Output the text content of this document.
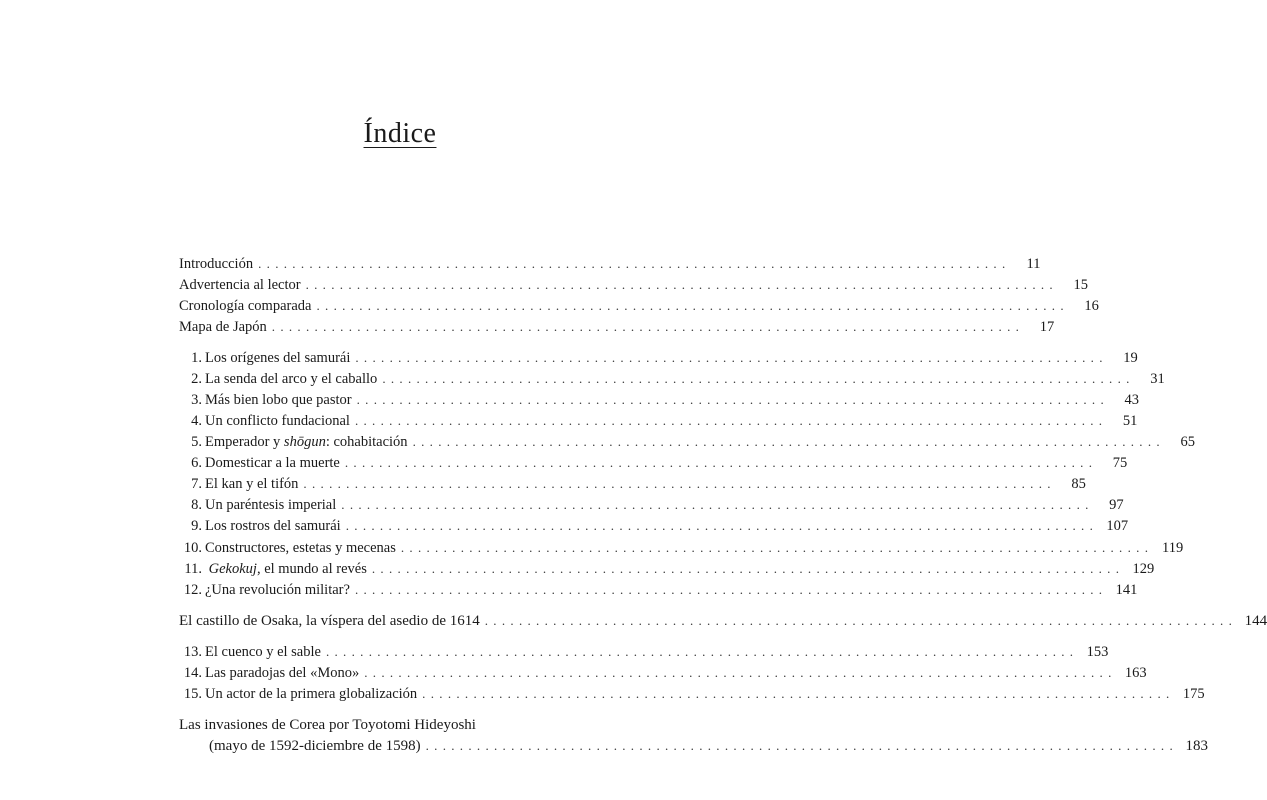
Índice
Introducción ........................................................................................	11
Advertencia al lector ........................................................................................	15
Cronología comparada ........................................................................................	16
Mapa de Japón ........................................................................................	17
1. Los orígenes del samurái ........................................................................................	19
2. La senda del arco y el caballo ........................................................................................	31
3. Más bien lobo que pastor ........................................................................................	43
4. Un conflicto fundacional ........................................................................................	51
5. Emperador y shōgun: cohabitación ........................................................................................	65
6. Domesticar a la muerte ........................................................................................	75
7. El kan y el tifón ........................................................................................	85
8. Un paréntesis imperial ........................................................................................	97
9. Los rostros del samurái ........................................................................................ 107
10. Constructores, estetas y mecenas ........................................................................................ 119
11. Gekokuj, el mundo al revés ........................................................................................ 129
12. ¿Una revolución militar? ........................................................................................ 141
El castillo de Osaka, la víspera del asedio de 1614 ........................................................................................ 144
13. El cuenco y el sable ........................................................................................ 153
14. Las paradojas del «Mono» ........................................................................................ 163
15. Un actor de la primera globalización ........................................................................................ 175
Las invasiones de Corea por Toyotomi Hideyoshi
(mayo de 1592-diciembre de 1598) ........................................................................................ 183
